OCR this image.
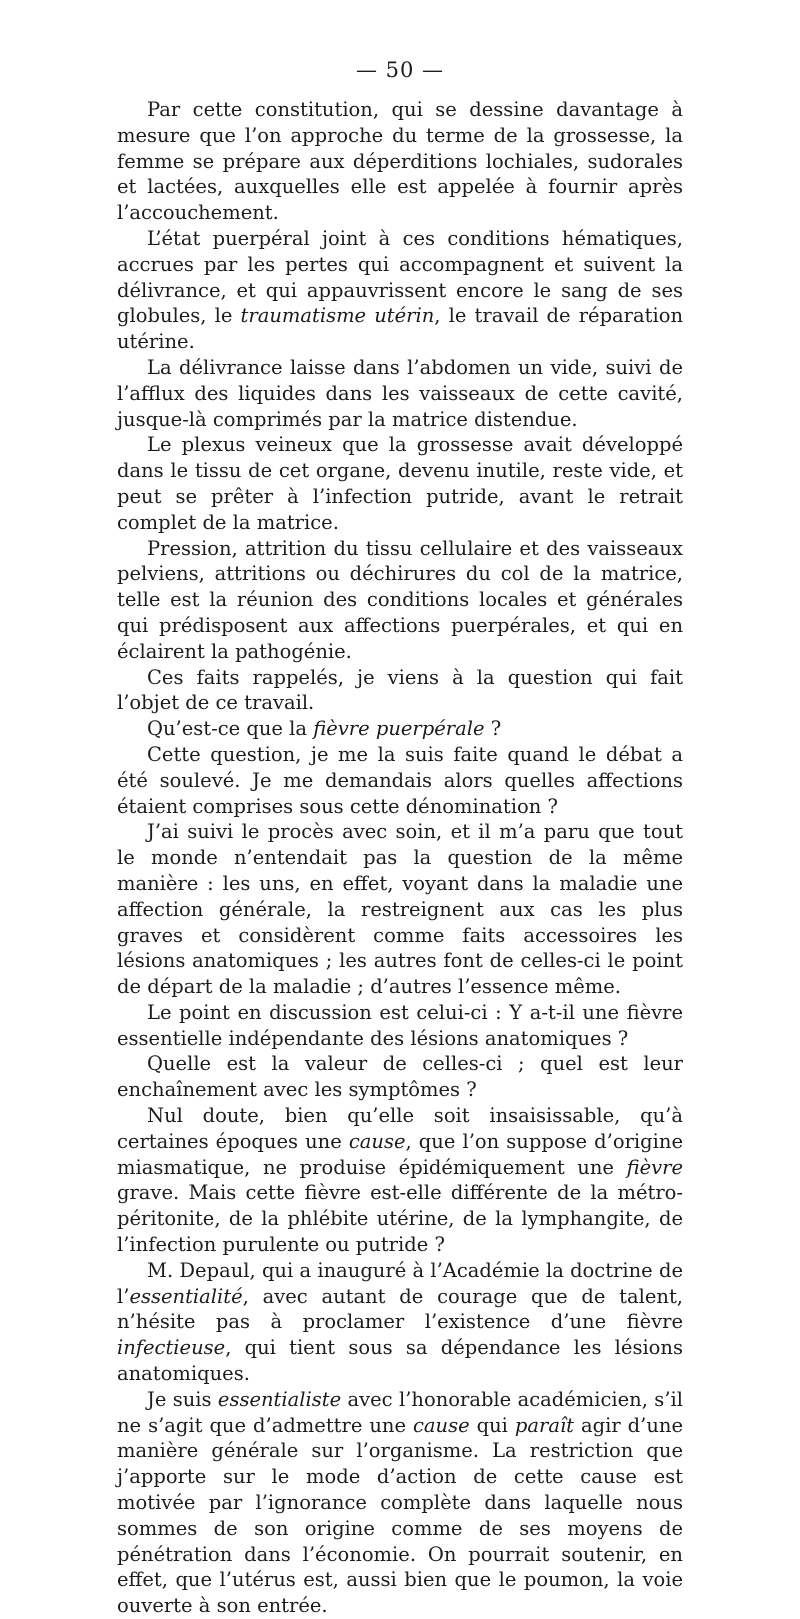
— 50 —

Par cette constitution, qui se dessine davantage à mesure que l’on approche du terme de la grossesse, la femme se prépare aux déperditions lochiales, sudorales et lactées, auxquelles elle est appelée à fournir après l’accouchement.

L’état puerpéral joint à ces conditions hématiques, accrues par les pertes qui accompagnent et suivent la délivrance, et qui appauvrissent encore le sang de ses globules, le traumatisme utérin, le travail de réparation utérine.

La délivrance laisse dans l’abdomen un vide, suivi de l’afflux des liquides dans les vaisseaux de cette cavité, jusque-là comprimés par la matrice distendue.

Le plexus veineux que la grossesse avait développé dans le tissu de cet organe, devenu inutile, reste vide, et peut se prêter à l’infection putride, avant le retrait complet de la matrice.

Pression, attrition du tissu cellulaire et des vaisseaux pelviens, attritions ou déchirures du col de la matrice, telle est la réunion des conditions locales et générales qui prédisposent aux affections puerpérales, et qui en éclairent la pathogénie.

Ces faits rappelés, je viens à la question qui fait l’objet de ce travail.

Qu’est-ce que la fièvre puerpérale ?

Cette question, je me la suis faite quand le débat a été soulevé. Je me demandais alors quelles affections étaient comprises sous cette dénomination ?

J’ai suivi le procès avec soin, et il m’a paru que tout le monde n’entendait pas la question de la même manière : les uns, en effet, voyant dans la maladie une affection générale, la restreignent aux cas les plus graves et considèrent comme faits accessoires les lésions anatomiques ; les autres font de celles-ci le point de départ de la maladie ; d’autres l’essence même.

Le point en discussion est celui-ci : Y a-t-il une fièvre essentielle indépendante des lésions anatomiques ?

Quelle est la valeur de celles-ci ; quel est leur enchaînement avec les symptômes ?

Nul doute, bien qu’elle soit insaisissable, qu’à certaines époques une cause, que l’on suppose d’origine miasmatique, ne produise épidémiquement une fièvre grave. Mais cette fièvre est-elle différente de la métro-péritonite, de la phlébite utérine, de la lymphangite, de l’infection purulente ou putride ?

M. Depaul, qui a inauguré à l’Académie la doctrine de l’essentialité, avec autant de courage que de talent, n’hésite pas à proclamer l’existence d’une fièvre infectieuse, qui tient sous sa dépendance les lésions anatomiques.

Je suis essentialiste avec l’honorable académicien, s’il ne s’agit que d’admettre une cause qui paraît agir d’une manière générale sur l’organisme. La restriction que j’apporte sur le mode d’action de cette cause est motivée par l’ignorance complète dans laquelle nous sommes de son origine comme de ses moyens de pénétration dans l’économie. On pourrait soutenir, en effet, que l’utérus est, aussi bien que le poumon, la voie ouverte à son entrée.
